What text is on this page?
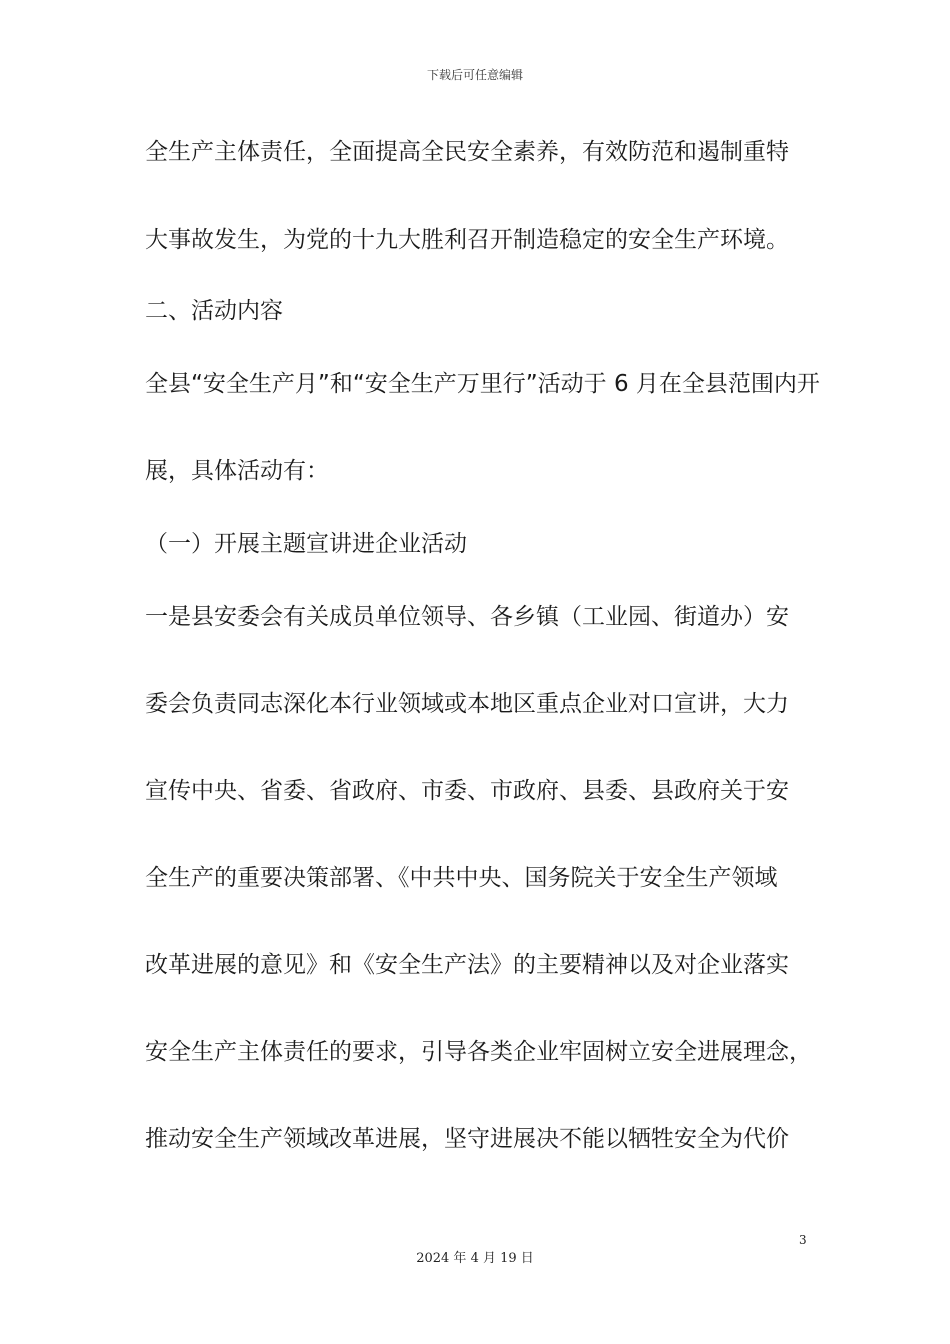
下载后可任意编辑
全生产主体责任，全面提高全民安全素养，有效防范和遏制重特
大事故发生，为党的十九大胜利召开制造稳定的安全生产环境。
二、活动内容
全县“安全生产月”和“安全生产万里行”活动于 6 月在全县范围内开
展，具体活动有：
（一）开展主题宣讲进企业活动
一是县安委会有关成员单位领导、各乡镇（工业园、街道办）安
委会负责同志深化本行业领域或本地区重点企业对口宣讲，大力
宣传中央、省委、省政府、市委、市政府、县委、县政府关于安
全生产的重要决策部署、《中共中央、国务院关于安全生产领域
改革进展的意见》和《安全生产法》的主要精神以及对企业落实
安全生产主体责任的要求，引导各类企业牢固树立安全进展理念，
推动安全生产领域改革进展，坚守进展决不能以牺牲安全为代价
3
2024 年 4 月 19 日
